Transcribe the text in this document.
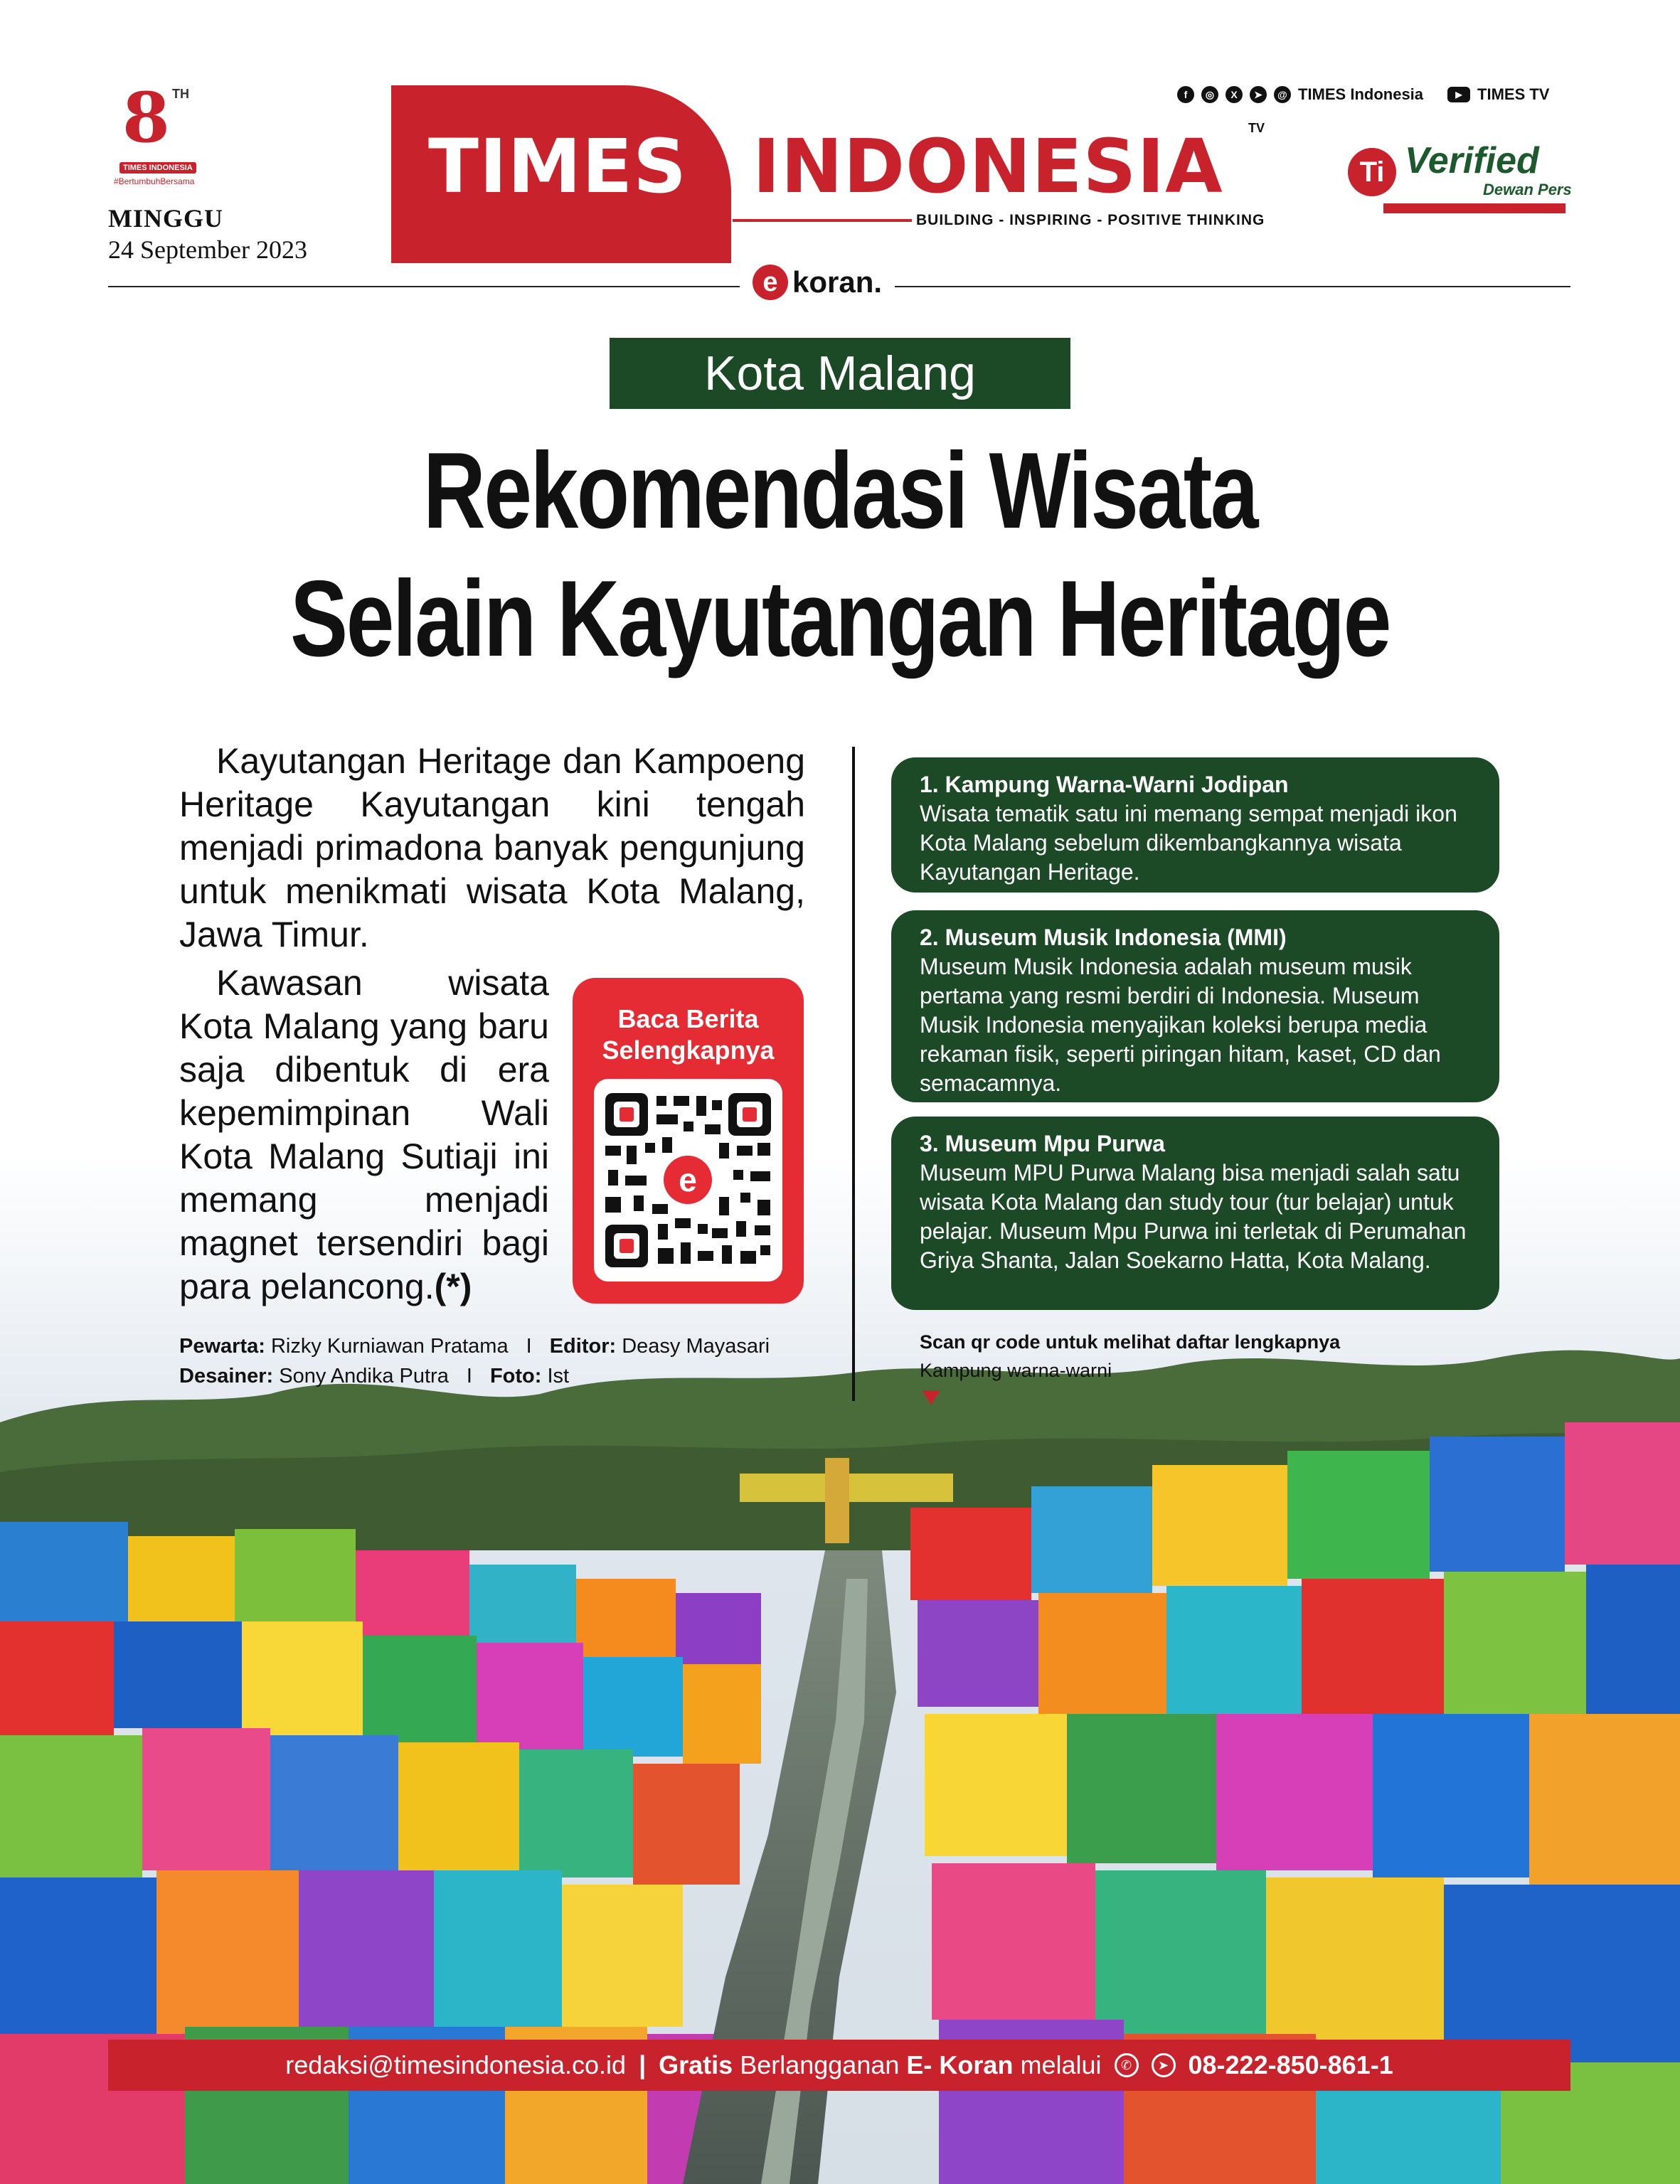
8 TH
TIMES INDONESIA
#BertumbuhBersama
MINGGU
24 September 2023
TIMES INDONESIA TV
BUILDING - INSPIRING - POSITIVE THINKING
f	◎	X	➤	@ TIMES Indonesia	▶ TIMES TV
Ti Verified
Dewan Pers
e koran.
Kota Malang
Rekomendasi Wisata
Selain Kayutangan Heritage

Kayutangan Heritage dan Kampoeng Heritage Kayutangan kini tengah menjadi primadona banyak pengunjung untuk menikmati wisata Kota Malang, Jawa Timur.

Kawasan wisata Kota Malang yang baru saja dibentuk di era kepemimpinan Wali Kota Malang Sutiaji ini memang menjadi magnet tersendiri bagi para pelancong.(*)

Baca Berita
Selengkapnya
e
Pewarta: Rizky Kurniawan Pratama I Editor: Deasy Mayasari
Desainer: Sony Andika Putra I Foto: Ist
1. Kampung Warna-Warni Jodipan

Wisata tematik satu ini memang sempat menjadi ikon Kota Malang sebelum dikembangkannya wisata Kayutangan Heritage.

2. Museum Musik Indonesia (MMI)

Museum Musik Indonesia adalah museum musik pertama yang resmi berdiri di Indonesia. Museum Musik Indonesia menyajikan koleksi berupa media rekaman fisik, seperti piringan hitam, kaset, CD dan semacamnya.

3. Museum Mpu Purwa

Museum MPU Purwa Malang bisa menjadi salah satu wisata Kota Malang dan study tour (tur belajar) untuk pelajar. Museum Mpu Purwa ini terletak di Perumahan Griya Shanta, Jalan Soekarno Hatta, Kota Malang.

Scan qr code untuk melihat daftar lengkapnya
Kampung warna-warni
redaksi@timesindonesia.co.id | Gratis Berlangganan E- Koran melalui	✆	➤ 08-222-850-861-1
